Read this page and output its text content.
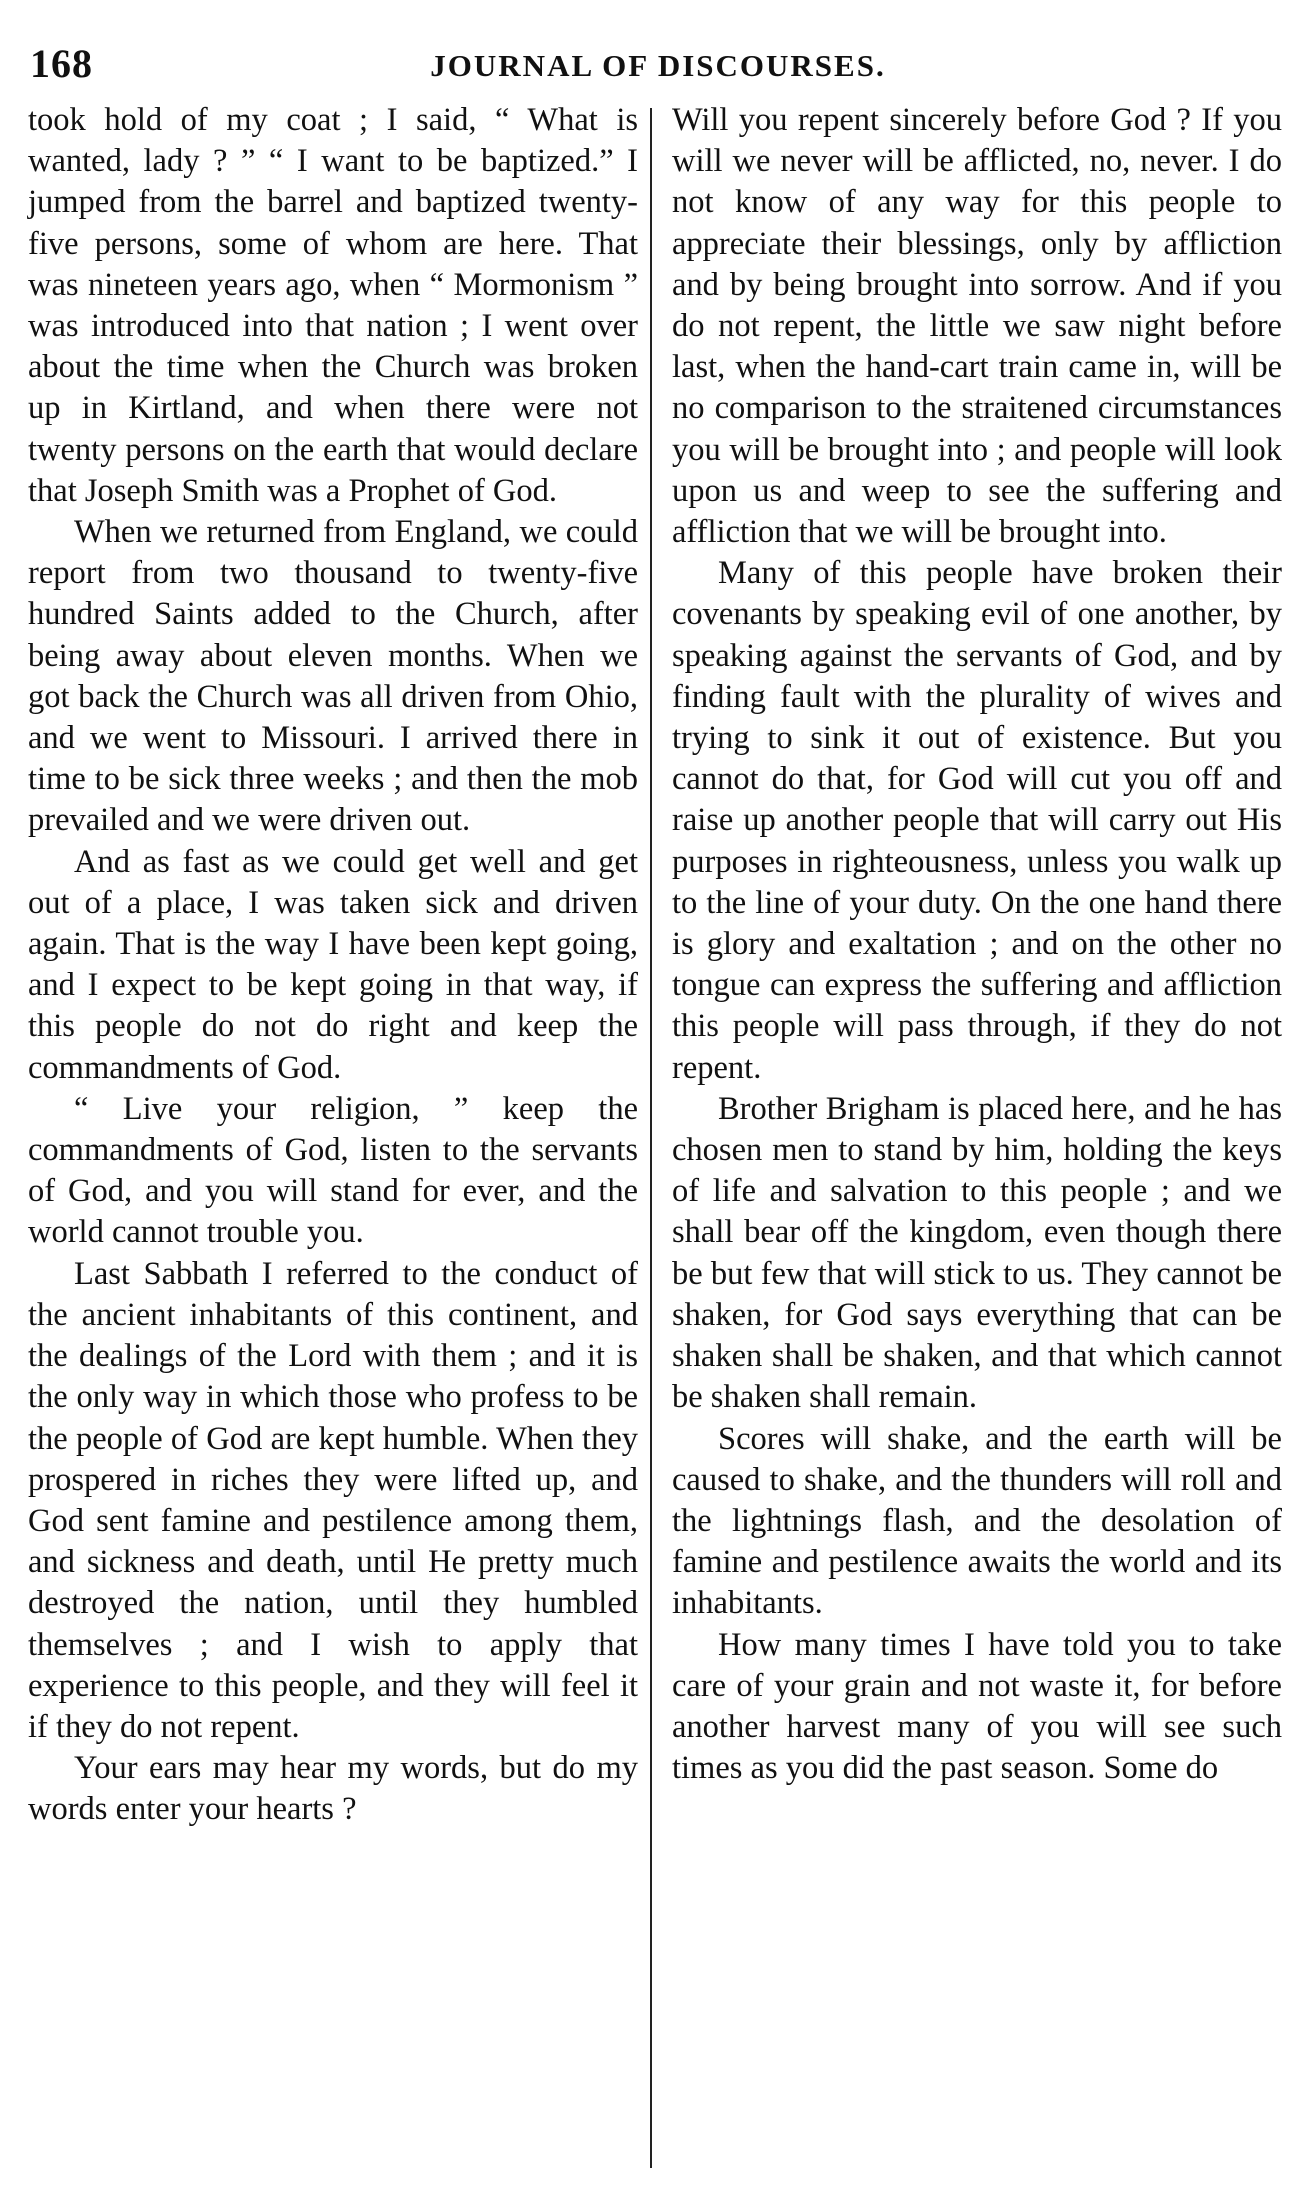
168	JOURNAL OF DISCOURSES.

took hold of my coat ; I said, “ What is wanted, lady ? ” “ I want to be baptized.” I jumped from the barrel and baptized twenty-five persons, some of whom are here. That was nineteen years ago, when “ Mormonism ” was introduced into that nation ; I went over about the time when the Church was broken up in Kirtland, and when there were not twenty persons on the earth that would declare that Joseph Smith was a Prophet of God.

When we returned from England, we could report from two thousand to twenty-five hundred Saints added to the Church, after being away about eleven months. When we got back the Church was all driven from Ohio, and we went to Missouri. I arrived there in time to be sick three weeks ; and then the mob prevailed and we were driven out.

And as fast as we could get well and get out of a place, I was taken sick and driven again. That is the way I have been kept going, and I expect to be kept going in that way, if this people do not do right and keep the commandments of God.

“ Live your religion, ” keep the commandments of God, listen to the servants of God, and you will stand for ever, and the world cannot trouble you.

Last Sabbath I referred to the conduct of the ancient inhabitants of this continent, and the dealings of the Lord with them ; and it is the only way in which those who profess to be the people of God are kept humble. When they prospered in riches they were lifted up, and God sent famine and pestilence among them, and sickness and death, until He pretty much destroyed the nation, until they humbled themselves ; and I wish to apply that experience to this people, and they will feel it if they do not repent.

Your ears may hear my words, but do my words enter your hearts ?

Will you repent sincerely before God ? If you will we never will be afflicted, no, never. I do not know of any way for this people to appreciate their blessings, only by affliction and by being brought into sorrow. And if you do not repent, the little we saw night before last, when the hand-cart train came in, will be no comparison to the straitened circumstances you will be brought into ; and people will look upon us and weep to see the suffering and affliction that we will be brought into.

Many of this people have broken their covenants by speaking evil of one another, by speaking against the servants of God, and by finding fault with the plurality of wives and trying to sink it out of existence. But you cannot do that, for God will cut you off and raise up another people that will carry out His purposes in righteousness, unless you walk up to the line of your duty. On the one hand there is glory and exaltation ; and on the other no tongue can express the suffering and affliction this people will pass through, if they do not repent.

Brother Brigham is placed here, and he has chosen men to stand by him, holding the keys of life and salvation to this people ; and we shall bear off the kingdom, even though there be but few that will stick to us. They cannot be shaken, for God says everything that can be shaken shall be shaken, and that which cannot be shaken shall remain.

Scores will shake, and the earth will be caused to shake, and the thunders will roll and the lightnings flash, and the desolation of famine and pestilence awaits the world and its inhabitants.

How many times I have told you to take care of your grain and not waste it, for before another harvest many of you will see such times as you did the past season. Some do
